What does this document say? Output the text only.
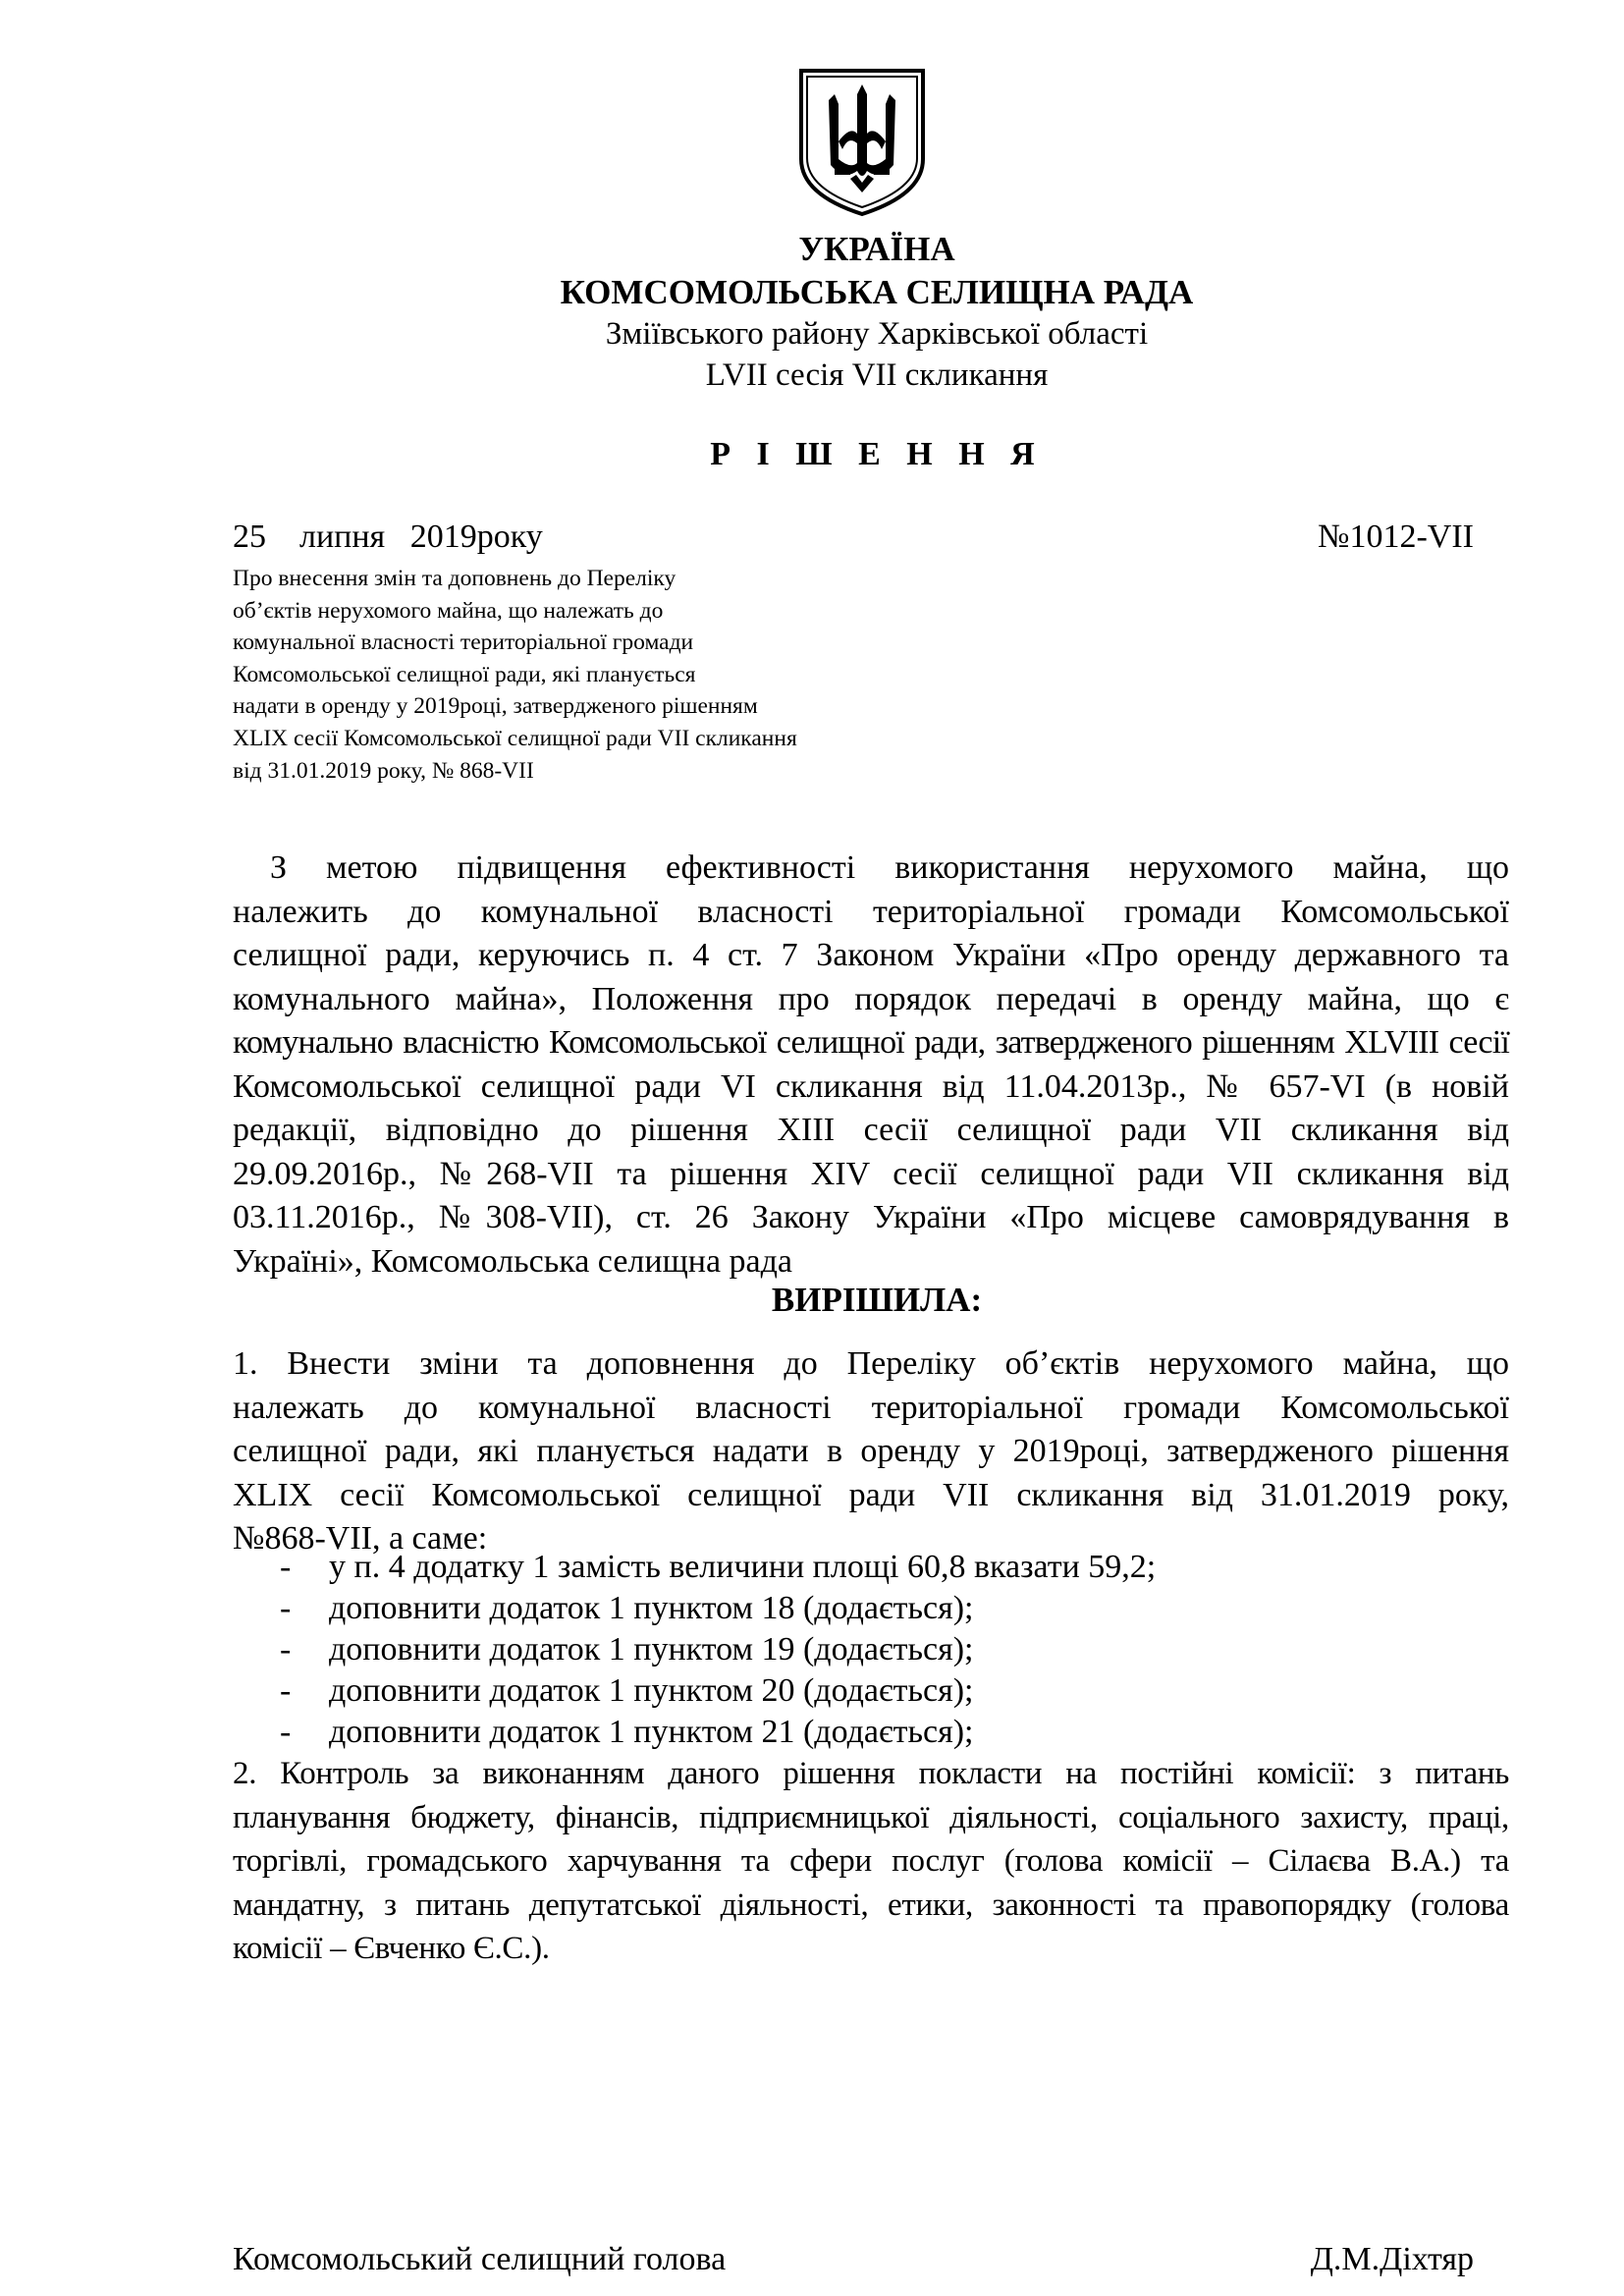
УКРАЇНА
КОМСОМОЛЬСЬКА СЕЛИЩНА РАДА
Зміївського району Харківської області
LVII сесія VII скликання
Р І Ш Е Н Н Я
25    липня   2019року	№1012-VII
Про внесення змін та доповнень до Переліку
об’єктів нерухомого майна, що належать до
комунальної власності територіальної громади
Комсомольської селищної ради, які планується
надати в оренду у 2019році, затвердженого рішенням
XLIX сесії Комсомольської селищної ради VII скликання
від 31.01.2019 року, № 868-VII
З метою підвищення ефективності використання нерухомого майна, що
належить до комунальної власності територіальної громади Комсомольської
селищної ради, керуючись п. 4 ст. 7 Законом України «Про оренду державного та
комунального майна», Положення про порядок передачі в оренду майна, що є
комунально власністю Комсомольської селищної ради, затвердженого рішенням XLVIII сесії
Комсомольської селищної ради VI скликання від 11.04.2013р., № 657-VI (в новій
редакції, відповідно до рішення XIII сесії селищної ради VII скликання від
29.09.2016р., №268-VII та рішення XIV сесії селищної ради VII скликання від
03.11.2016р., №308-VII), ст. 26 Закону України «Про місцеве самоврядування в
Україні», Комсомольська селищна рада
ВИРІШИЛА:
1. Внести зміни та доповнення до Переліку об’єктів нерухомого майна, що
належать до комунальної власності територіальної громади Комсомольської
селищної ради, які планується надати в оренду у 2019році, затвердженого рішення
XLIX сесії Комсомольської селищної ради VII скликання від 31.01.2019 року,
№868-VII, а саме:
- у п. 4 додатку 1 замість величини площі 60,8 вказати 59,2;
- доповнити додаток 1 пунктом 18 (додається);
- доповнити додаток 1 пунктом 19 (додається);
- доповнити додаток 1 пунктом 20 (додається);
- доповнити додаток 1 пунктом 21 (додається);
2. Контроль за виконанням даного рішення покласти на постійні комісії: з питань
планування бюджету, фінансів, підприємницької діяльності, соціального захисту, праці,
торгівлі, громадського харчування та сфери послуг (голова комісії – Сілаєва В.А.) та
мандатну, з питань депутатської діяльності, етики, законності та правопорядку (голова
комісії – Євченко Є.С.).
Комсомольський селищний голова	Д.М.Діхтяр
